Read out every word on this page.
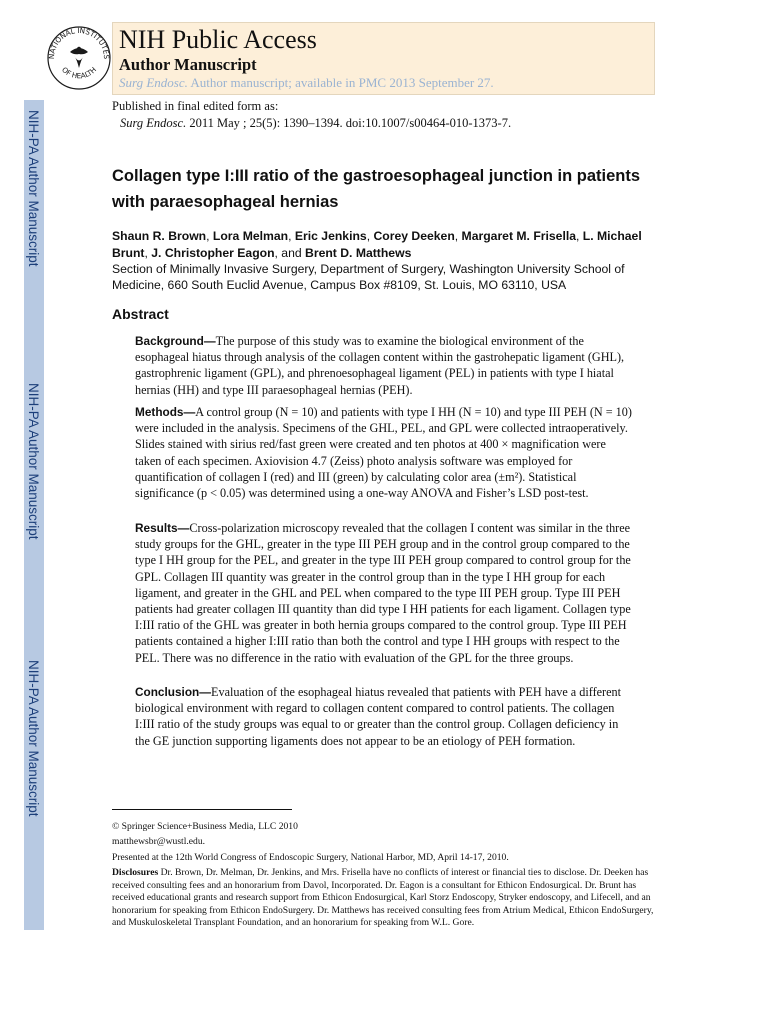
NIH-PA Author Manuscript
NIH-PA Author Manuscript
NIH-PA Author Manuscript
NATIONAL INSTITUTES
OF HEALTH
NIH Public Access
Author Manuscript
Surg Endosc. Author manuscript; available in PMC 2013 September 27.
Published in final edited form as:
Surg Endosc. 2011 May ; 25(5): 1390–1394. doi:10.1007/s00464-010-1373-7.
Collagen type I:III ratio of the gastroesophageal junction in patients with paraesophageal hernias
Shaun R. Brown, Lora Melman, Eric Jenkins, Corey Deeken, Margaret M. Frisella, L. Michael Brunt, J. Christopher Eagon, and Brent D. Matthews
Section of Minimally Invasive Surgery, Department of Surgery, Washington University School of Medicine, 660 South Euclid Avenue, Campus Box #8109, St. Louis, MO 63110, USA
Abstract
Background—The purpose of this study was to examine the biological environment of the esophageal hiatus through analysis of the collagen content within the gastrohepatic ligament (GHL), gastrophrenic ligament (GPL), and phrenoesophageal ligament (PEL) in patients with type I hiatal hernias (HH) and type III paraesophageal hernias (PEH).
Methods—A control group (N = 10) and patients with type I HH (N = 10) and type III PEH (N = 10) were included in the analysis. Specimens of the GHL, PEL, and GPL were collected intraoperatively. Slides stained with sirius red/fast green were created and ten photos at 400 × magnification were taken of each specimen. Axiovision 4.7 (Zeiss) photo analysis software was employed for quantification of collagen I (red) and III (green) by calculating color area (±m²). Statistical significance (p < 0.05) was determined using a one-way ANOVA and Fisher’s LSD post-test.
Results—Cross-polarization microscopy revealed that the collagen I content was similar in the three study groups for the GHL, greater in the type III PEH group and in the control group compared to the type I HH group for the PEL, and greater in the type III PEH group compared to control group for the GPL. Collagen III quantity was greater in the control group than in the type I HH group for each ligament, and greater in the GHL and PEL when compared to the type III PEH group. Type III PEH patients had greater collagen III quantity than did type I HH patients for each ligament. Collagen type I:III ratio of the GHL was greater in both hernia groups compared to the control group. Type III PEH patients contained a higher I:III ratio than both the control and type I HH groups with respect to the PEL. There was no difference in the ratio with evaluation of the GPL for the three groups.
Conclusion—Evaluation of the esophageal hiatus revealed that patients with PEH have a different biological environment with regard to collagen content compared to control patients. The collagen I:III ratio of the study groups was equal to or greater than the control group. Collagen deficiency in the GE junction supporting ligaments does not appear to be an etiology of PEH formation.
© Springer Science+Business Media, LLC 2010
matthewsbr@wustl.edu.
Presented at the 12th World Congress of Endoscopic Surgery, National Harbor, MD, April 14-17, 2010.
Disclosures Dr. Brown, Dr. Melman, Dr. Jenkins, and Mrs. Frisella have no conflicts of interest or financial ties to disclose. Dr. Deeken has received consulting fees and an honorarium from Davol, Incorporated. Dr. Eagon is a consultant for Ethicon Endosurgical. Dr. Brunt has received educational grants and research support from Ethicon Endosurgical, Karl Storz Endoscopy, Stryker endoscopy, and Lifecell, and an honorarium for speaking from Ethicon EndoSurgery. Dr. Matthews has received consulting fees from Atrium Medical, Ethicon EndoSurgery, and Muskuloskeletal Transplant Foundation, and an honorarium for speaking from W.L. Gore.
